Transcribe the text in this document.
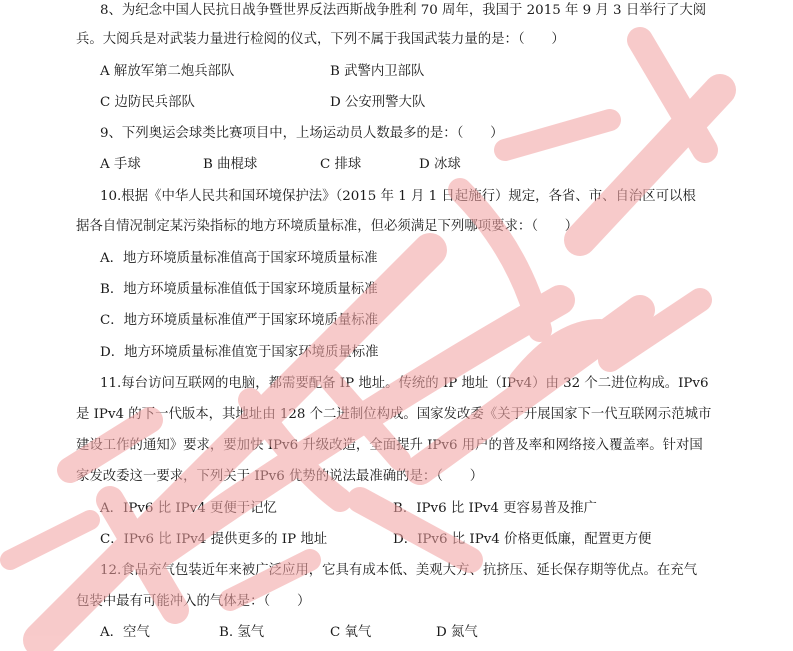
8、为纪念中国人民抗日战争暨世界反法西斯战争胜利 70 周年，我国于 2015 年 9 月 3 日举行了大阅
兵。大阅兵是对武装力量进行检阅的仪式，下列不属于我国武装力量的是：（　　）
A 解放军第二炮兵部队	B 武警内卫部队
C 边防民兵部队	D 公安刑警大队
9、下列奥运会球类比赛项目中，上场运动员人数最多的是：（　　）
A 手球	B 曲棍球	C 排球	D 冰球
10.根据《中华人民共和国环境保护法》（2015 年 1 月 1 日起施行）规定，各省、市、自治区可以根
据各自情况制定某污染指标的地方环境质量标准，但必须满足下列哪项要求：（　　）
A．地方环境质量标准值高于国家环境质量标准
B．地方环境质量标准值低于国家环境质量标准
C．地方环境质量标准值严于国家环境质量标准
D．地方环境质量标准值宽于国家环境质量标准
11.每台访问互联网的电脑，都需要配备 IP 地址。传统的 IP 地址（IPv4）由 32 个二进位构成。IPv6
是 IPv4 的下一代版本，其地址由 128 个二进制位构成。国家发改委《关于开展国家下一代互联网示范城市
建设工作的通知》要求，要加快 IPv6 升级改造，全面提升 IPv6 用户的普及率和网络接入覆盖率。针对国
家发改委这一要求，下列关于 IPv6 优势的说法最准确的是：（　　）
A．IPv6 比 IPv4 更便于记忆	B．IPv6 比 IPv4 更容易普及推广
C．IPv6 比 IPv4 提供更多的 IP 地址	D．IPv6 比 IPv4 价格更低廉，配置更方便
12.食品充气包装近年来被广泛应用，它具有成本低、美观大方、抗挤压、延长保存期等优点。在充气
包装中最有可能冲入的气体是：（　　）
A．空气	B. 氢气	C 氧气	D 氮气
